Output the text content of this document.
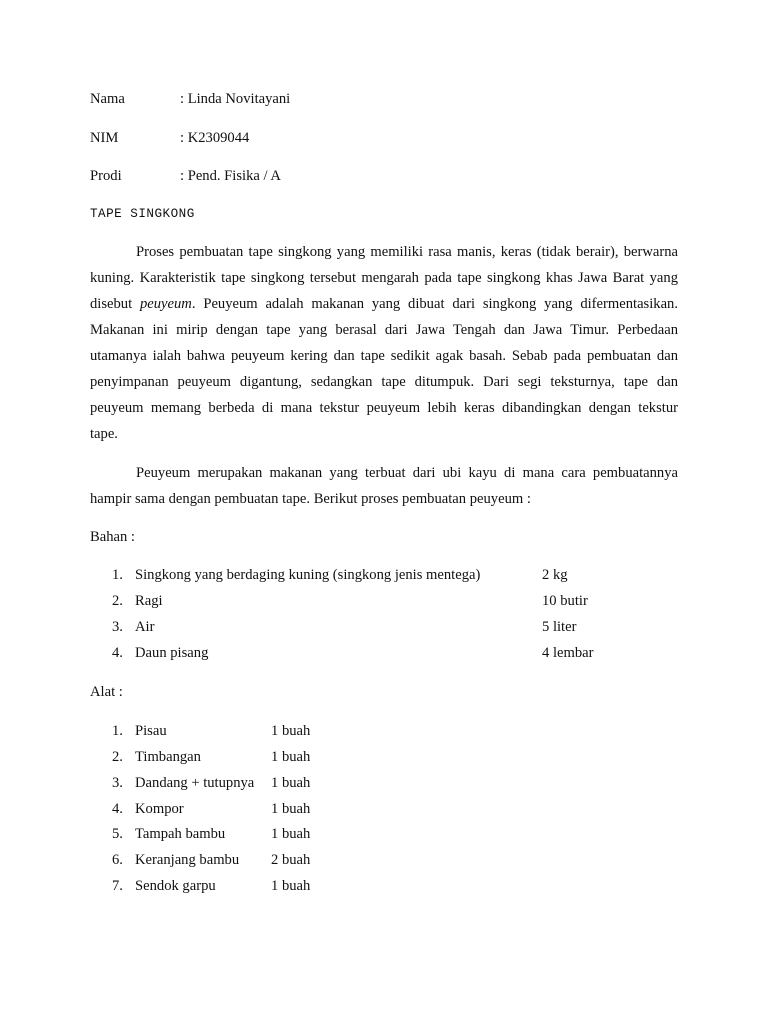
Nama	: Linda Novitayani
NIM	: K2309044
Prodi	: Pend. Fisika / A
TAPE SINGKONG
Proses pembuatan tape singkong yang memiliki rasa manis, keras (tidak berair), berwarna
kuning. Karakteristik tape singkong tersebut mengarah pada tape singkong khas Jawa Barat yang
disebut peuyeum. Peuyeum adalah makanan yang dibuat dari singkong yang difermentasikan.
Makanan ini mirip dengan tape yang berasal dari Jawa Tengah dan Jawa Timur. Perbedaan
utamanya ialah bahwa peuyeum kering dan tape sedikit agak basah. Sebab pada pembuatan dan
penyimpanan peuyeum digantung, sedangkan tape ditumpuk. Dari segi teksturnya, tape dan
peuyeum memang berbeda di mana tekstur peuyeum lebih keras dibandingkan dengan tekstur
tape.
Peuyeum merupakan makanan yang terbuat dari ubi kayu di mana cara pembuatannya
hampir sama dengan pembuatan tape. Berikut proses pembuatan peuyeum :
Bahan :
1. Singkong yang berdaging kuning (singkong jenis mentega)	2 kg
2. Ragi	10 butir
3. Air	5 liter
4. Daun pisang	4 lembar
Alat :
1. Pisau	1 buah
2. Timbangan	1 buah
3. Dandang + tutupnya 1 buah
4. Kompor	1 buah
5. Tampah bambu	1 buah
6. Keranjang bambu 2 buah
7. Sendok garpu	1 buah
